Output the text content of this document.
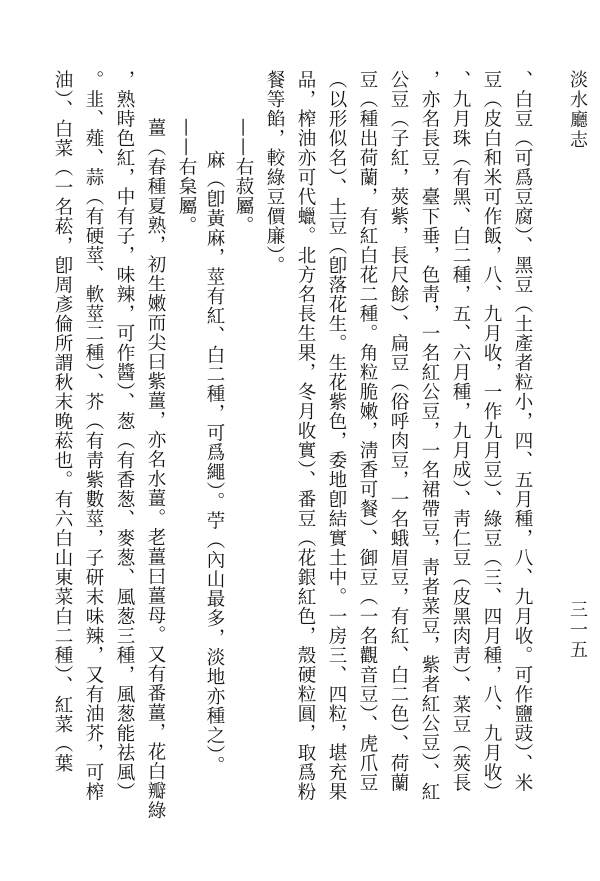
淡水廳志
三一五
、白豆（可爲豆腐）、黑豆（土產者粒小，四、五月種，八、九月收。可作鹽豉）、米
豆（皮白和米可作飯，八、九月收，一作九月豆）、綠豆（三、四月種，八、九月收）
、九月珠（有黑、白二種，五、六月種，九月成）、靑仁豆（皮黑肉靑）、菜豆（莢長
，亦名長豆，臺下垂，色靑，一名紅公豆，一名裙帶豆，靑者菜豆，紫者紅公豆）、紅
公豆（子紅，莢紫，長尺餘）、扁豆（俗呼肉豆，一名蛾眉豆，有紅、白二色）、荷蘭
豆（種出荷蘭，有紅白花二種。角粒脆嫩，淸香可餐）、御豆（一名觀音豆）、虎爪豆
（以形似名）、土豆（卽落花生。生花紫色，委地卽結實土中。一房三、四粒，堪充果
品，榨油亦可代蠟。北方名長生果，冬月收實）、番豆（花銀紅色，殼硬粒圓，取爲粉
餐等餡，較綠豆價廉）。
——右菽屬。
麻（卽黃麻，莖有紅、白二種，可爲繩）。苧（內山最多，淡地亦種之）。
——右枲屬。
薑（春種夏熟，初生嫩而尖曰紫薑，亦名水薑。老薑曰薑母。又有番薑，花白瓣綠
，熟時色紅，中有子，味辣，可作醬）、葱（有香葱、麥葱、風葱三種，風葱能祛風）
。韭、薤、蒜（有硬莖、軟莖二種）、芥（有靑紫數莖，子研末味辣，又有油芥，可榨
油）、白菜（一名菘，卽周彥倫所謂秋末晚菘也。有六白山東菜白二種）、紅菜（葉
